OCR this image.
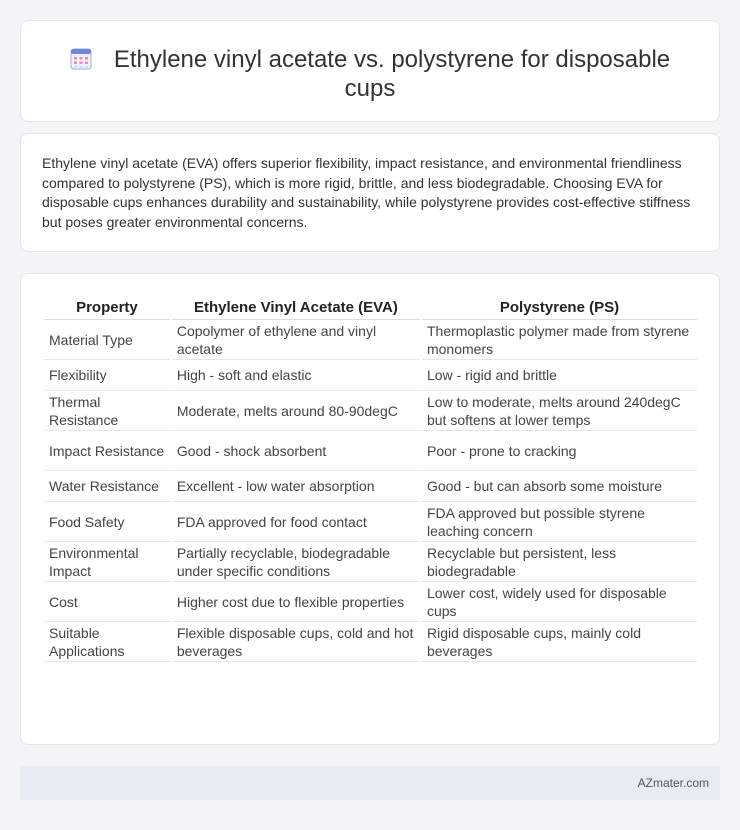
Ethylene vinyl acetate vs. polystyrene for disposable cups

Ethylene vinyl acetate (EVA) offers superior flexibility, impact resistance, and environmental friendliness compared to polystyrene (PS), which is more rigid, brittle, and less biodegradable. Choosing EVA for disposable cups enhances durability and sustainability, while polystyrene provides cost-effective stiffness but poses greater environmental concerns.

Property	Ethylene Vinyl Acetate (EVA)	Polystyrene (PS)
Material Type	Copolymer of ethylene and vinyl acetate	Thermoplastic polymer made from styrene monomers
Flexibility	High - soft and elastic	Low - rigid and brittle
Thermal Resistance	Moderate, melts around 80-90degC	Low to moderate, melts around 240degC but softens at lower temps
Impact Resistance	Good - shock absorbent	Poor - prone to cracking
Water Resistance	Excellent - low water absorption	Good - but can absorb some moisture
Food Safety	FDA approved for food contact	FDA approved but possible styrene leaching concern
Environmental Impact	Partially recyclable, biodegradable under specific conditions	Recyclable but persistent, less biodegradable
Cost	Higher cost due to flexible properties	Lower cost, widely used for disposable cups
Suitable Applications	Flexible disposable cups, cold and hot beverages	Rigid disposable cups, mainly cold beverages
AZmater.com
